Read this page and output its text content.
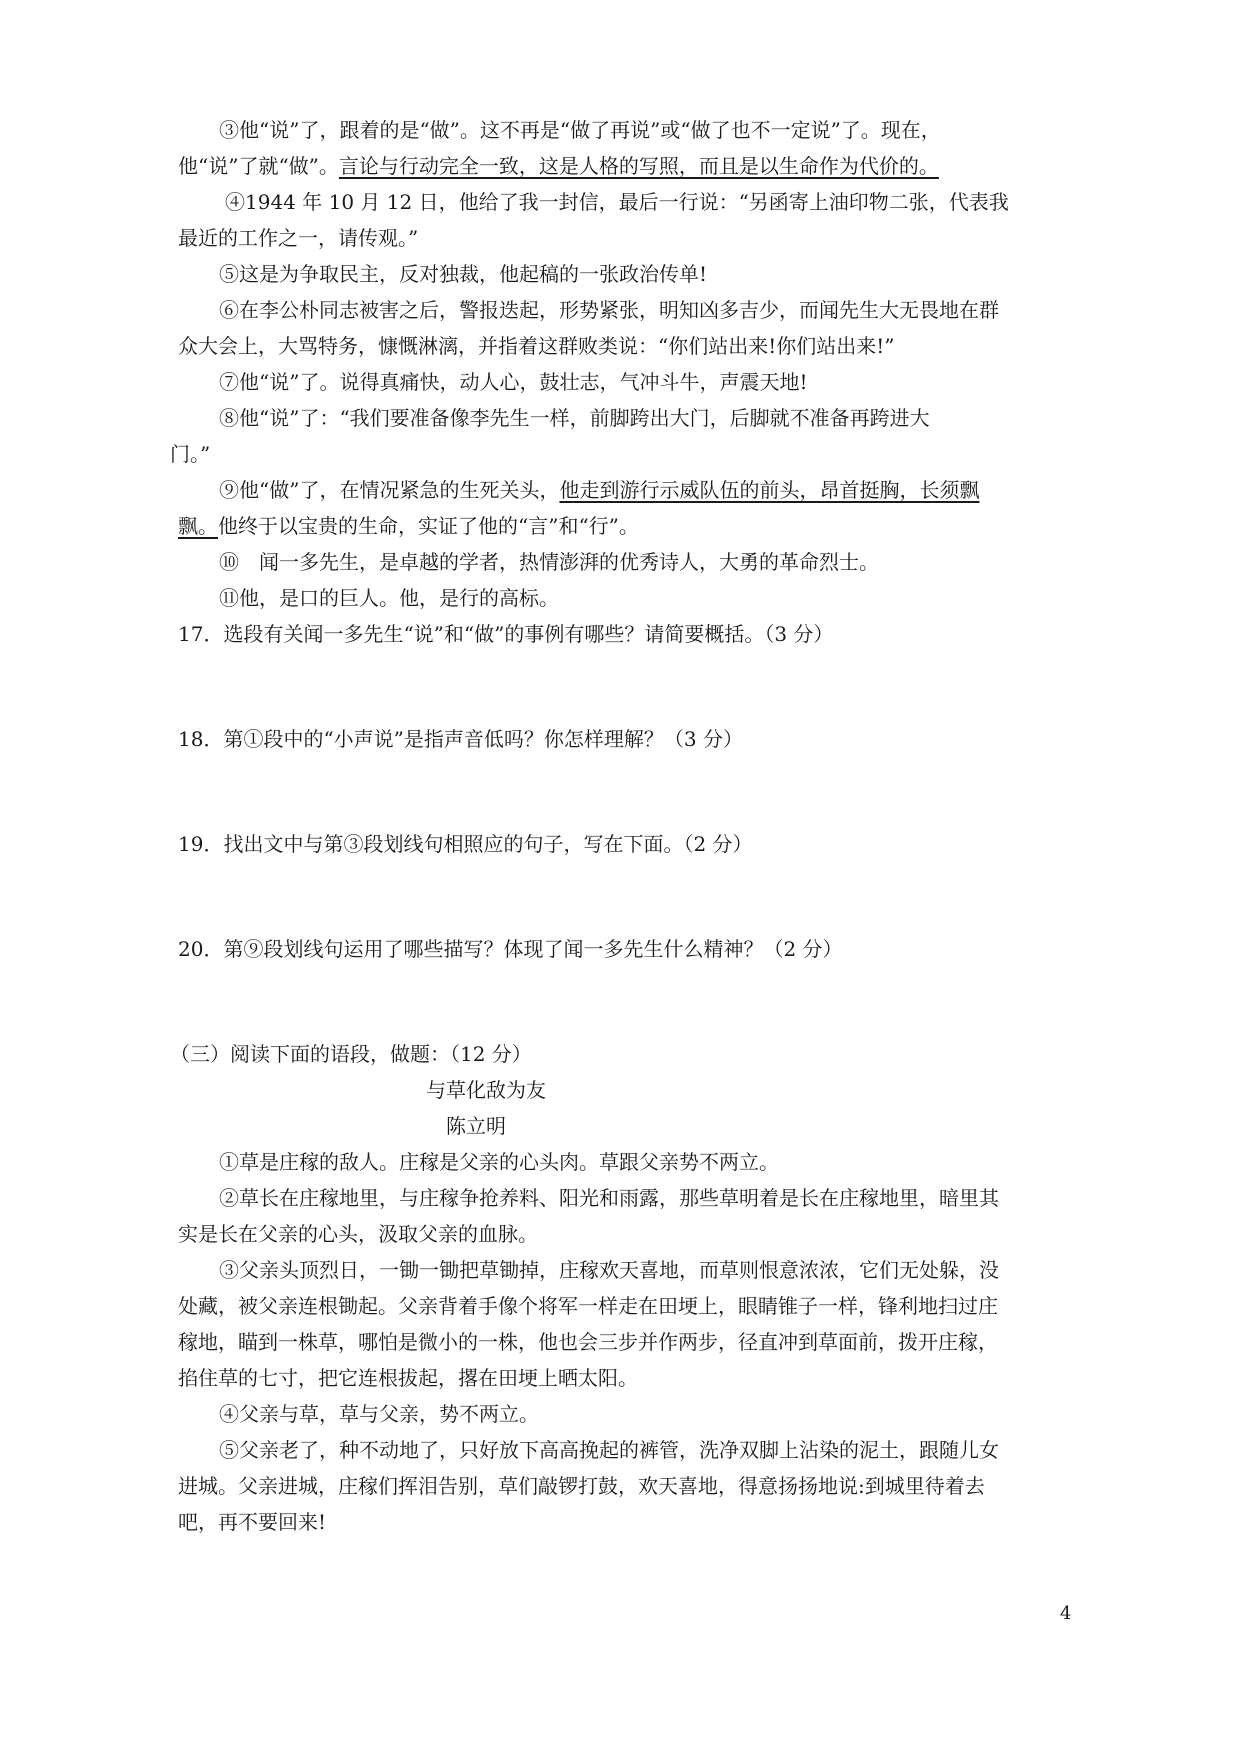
③他“说”了，跟着的是“做”。这不再是“做了再说”或“做了也不一定说”了。现在，
他“说”了就“做”。言论与行动完全一致，这是人格的写照，而且是以生命作为代价的。
④1944 年 10 月 12 日，他给了我一封信，最后一行说：“另函寄上油印物二张，代表我
最近的工作之一，请传观。”
⑤这是为争取民主，反对独裁，他起稿的一张政治传单!
⑥在李公朴同志被害之后，警报迭起，形势紧张，明知凶多吉少，而闻先生大无畏地在群
众大会上，大骂特务，慷慨淋漓，并指着这群败类说：“你们站出来!你们站出来!”
⑦他“说”了。说得真痛快，动人心，鼓壮志，气冲斗牛，声震天地!
⑧他“说”了：“我们要准备像李先生一样，前脚跨出大门，后脚就不准备再跨进大
门。”
⑨他“做”了，在情况紧急的生死关头，他走到游行示威队伍的前头，昂首挺胸，长须飘
飘。他终于以宝贵的生命，实证了他的“言”和“行”。
⑩　闻一多先生，是卓越的学者，热情澎湃的优秀诗人，大勇的革命烈士。
⑪他，是口的巨人。他，是行的高标。
17．选段有关闻一多先生“说”和“做”的事例有哪些？请简要概括。（3 分）
18．第①段中的“小声说”是指声音低吗？你怎样理解？（3 分）
19．找出文中与第③段划线句相照应的句子，写在下面。（2 分）
20．第⑨段划线句运用了哪些描写？体现了闻一多先生什么精神？（2 分）
（三）阅读下面的语段，做题：（12 分）
与草化敌为友
陈立明
①草是庄稼的敌人。庄稼是父亲的心头肉。草跟父亲势不两立。
②草长在庄稼地里，与庄稼争抢养料、阳光和雨露，那些草明着是长在庄稼地里，暗里其
实是长在父亲的心头，汲取父亲的血脉。
③父亲头顶烈日，一锄一锄把草锄掉，庄稼欢天喜地，而草则恨意浓浓，它们无处躲，没
处藏，被父亲连根锄起。父亲背着手像个将军一样走在田埂上，眼睛锥子一样，锋利地扫过庄
稼地，瞄到一株草，哪怕是微小的一株，他也会三步并作两步，径直冲到草面前，拨开庄稼，
掐住草的七寸，把它连根拔起，撂在田埂上晒太阳。
④父亲与草，草与父亲，势不两立。
⑤父亲老了，种不动地了，只好放下高高挽起的裤管，洗净双脚上沾染的泥土，跟随儿女
进城。父亲进城，庄稼们挥泪告别，草们敲锣打鼓，欢天喜地，得意扬扬地说:到城里待着去
吧，再不要回来!
4
